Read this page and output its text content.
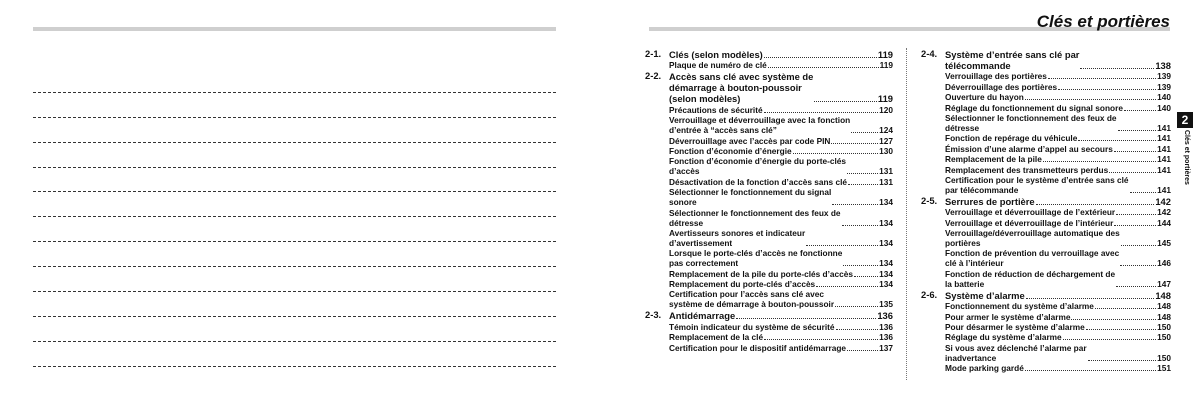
Clés et portières
2-1. Clés (selon modèles)	119
Plaque de numéro de clé	119
2-2. Accès sans clé avec système de
démarrage à bouton-poussoir
(selon modèles)	119
Précautions de sécurité	120
Verrouillage et déverrouillage avec la fonction
d’entrée à “accès sans clé”	124
Déverrouillage avec l’accès par code PIN	127
Fonction d’économie d’énergie	130
Fonction d’économie d’énergie du porte-clés
d’accès	131
Désactivation de la fonction d’accès sans clé	131
Sélectionner le fonctionnement du signal
sonore	134
Sélectionner le fonctionnement des feux de
détresse	134
Avertisseurs sonores et indicateur
d’avertissement	134
Lorsque le porte-clés d’accès ne fonctionne
pas correctement	134
Remplacement de la pile du porte-clés d’accès	134
Remplacement du porte-clés d’accès	134
Certification pour l’accès sans clé avec
système de démarrage à bouton-poussoir	135
2-3. Antidémarrage	136
Témoin indicateur du système de sécurité	136
Remplacement de la clé	136
Certification pour le dispositif antidémarrage	137
2-4. Système d’entrée sans clé par
télécommande	138
Verrouillage des portières	139
Déverrouillage des portières	139
Ouverture du hayon	140
Réglage du fonctionnement du signal sonore	140
Sélectionner le fonctionnement des feux de
détresse	141
Fonction de repérage du véhicule	141
Émission d’une alarme d’appel au secours	141
Remplacement de la pile	141
Remplacement des transmetteurs perdus	141
Certification pour le système d’entrée sans clé
par télécommande	141
2-5. Serrures de portière	142
Verrouillage et déverrouillage de l’extérieur	142
Verrouillage et déverrouillage de l’intérieur	144
Verrouillage/déverrouillage automatique des
portières	145
Fonction de prévention du verrouillage avec
clé à l’intérieur	146
Fonction de réduction de déchargement de
la batterie	147
2-6. Système d’alarme	148
Fonctionnement du système d’alarme	148
Pour armer le système d’alarme	148
Pour désarmer le système d’alarme	150
Réglage du système d’alarme	150
Si vous avez déclenché l’alarme par
inadvertance	150
Mode parking gardé	151
2
Clés et portières
